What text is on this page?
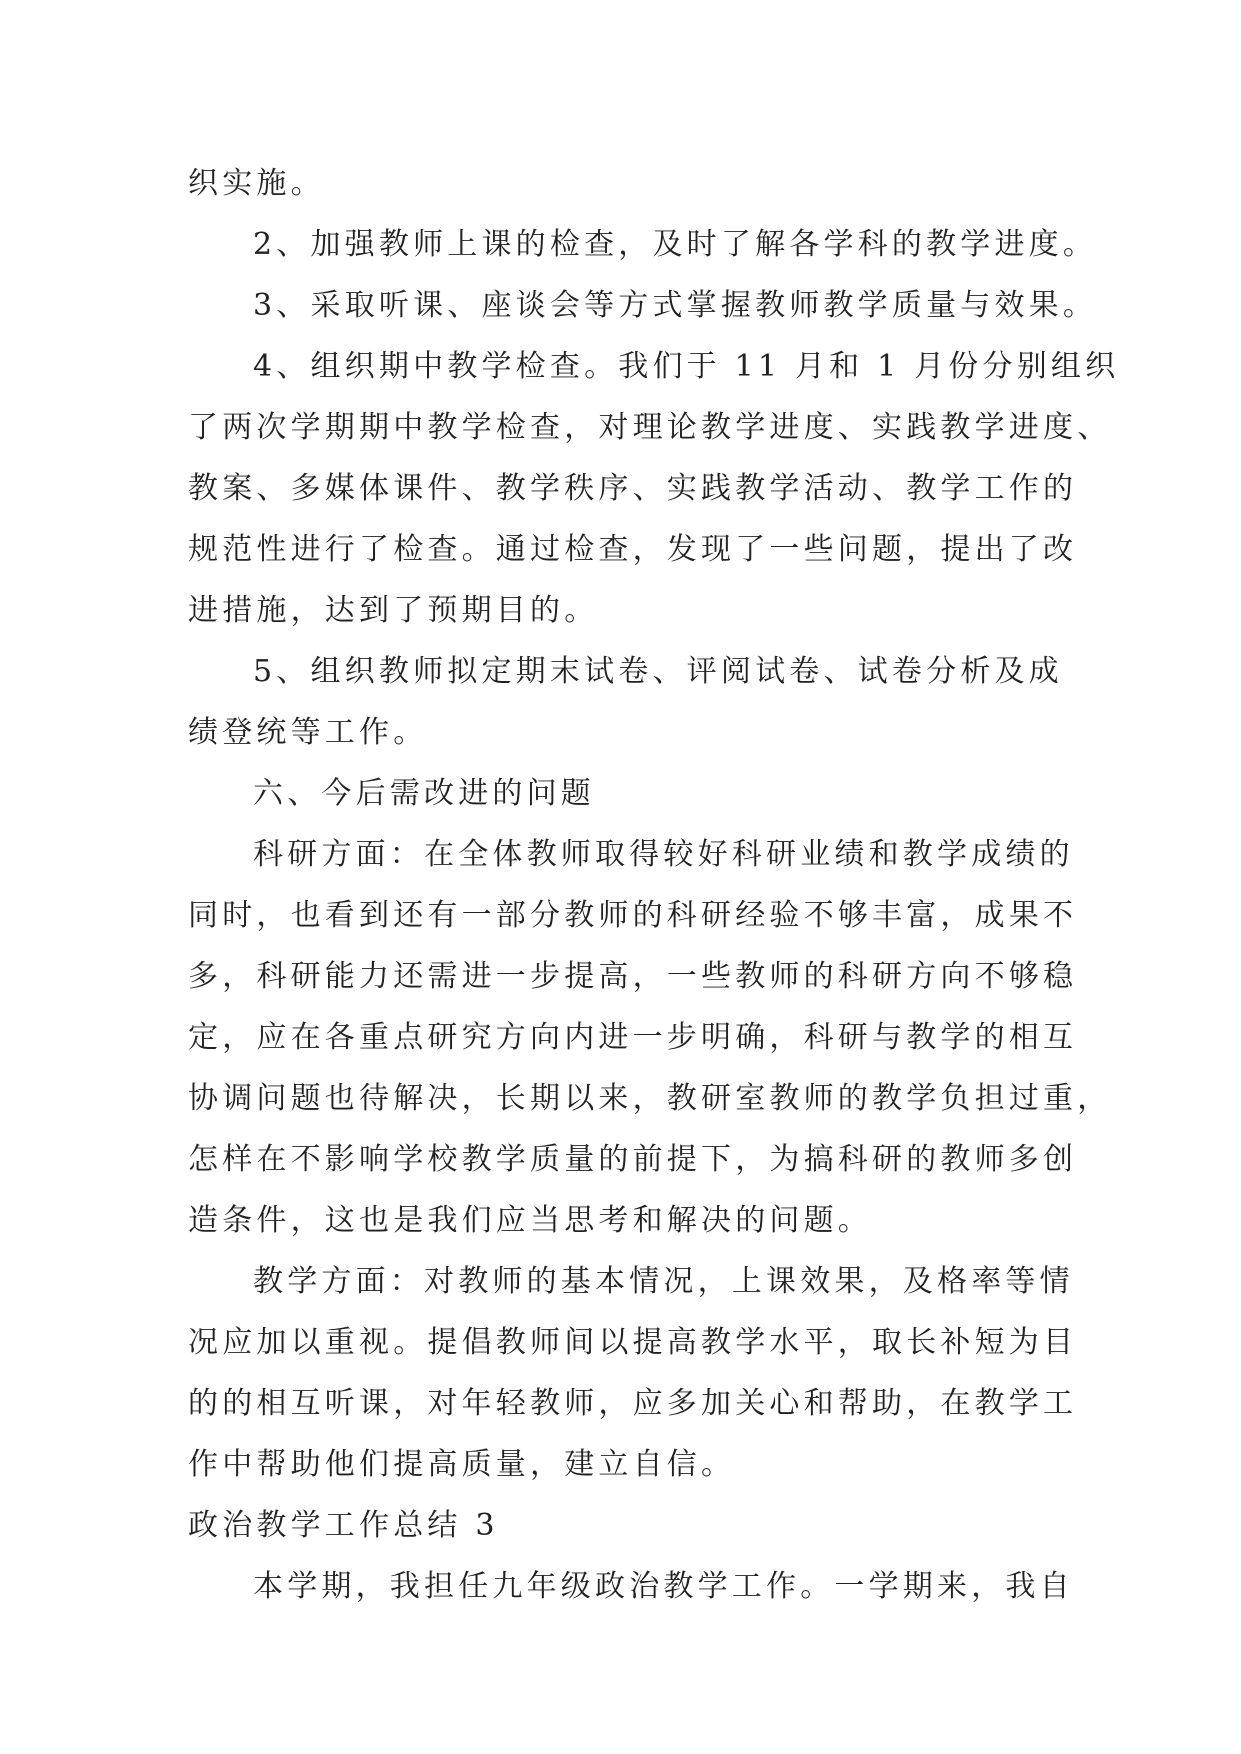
织实施。
2、加强教师上课的检查，及时了解各学科的教学进度。
3、采取听课、座谈会等方式掌握教师教学质量与效果。
4、组织期中教学检查。我们于 11 月和 1 月份分别组织
了两次学期期中教学检查，对理论教学进度、实践教学进度、
教案、多媒体课件、教学秩序、实践教学活动、教学工作的
规范性进行了检查。通过检查，发现了一些问题，提出了改
进措施，达到了预期目的。
5、组织教师拟定期末试卷、评阅试卷、试卷分析及成
绩登统等工作。
六、今后需改进的问题
科研方面：在全体教师取得较好科研业绩和教学成绩的
同时，也看到还有一部分教师的科研经验不够丰富，成果不
多，科研能力还需进一步提高，一些教师的科研方向不够稳
定，应在各重点研究方向内进一步明确，科研与教学的相互
协调问题也待解决，长期以来，教研室教师的教学负担过重，
怎样在不影响学校教学质量的前提下，为搞科研的教师多创
造条件，这也是我们应当思考和解决的问题。
教学方面：对教师的基本情况，上课效果，及格率等情
况应加以重视。提倡教师间以提高教学水平，取长补短为目
的的相互听课，对年轻教师，应多加关心和帮助，在教学工
作中帮助他们提高质量，建立自信。
政治教学工作总结 3
本学期，我担任九年级政治教学工作。一学期来，我自
